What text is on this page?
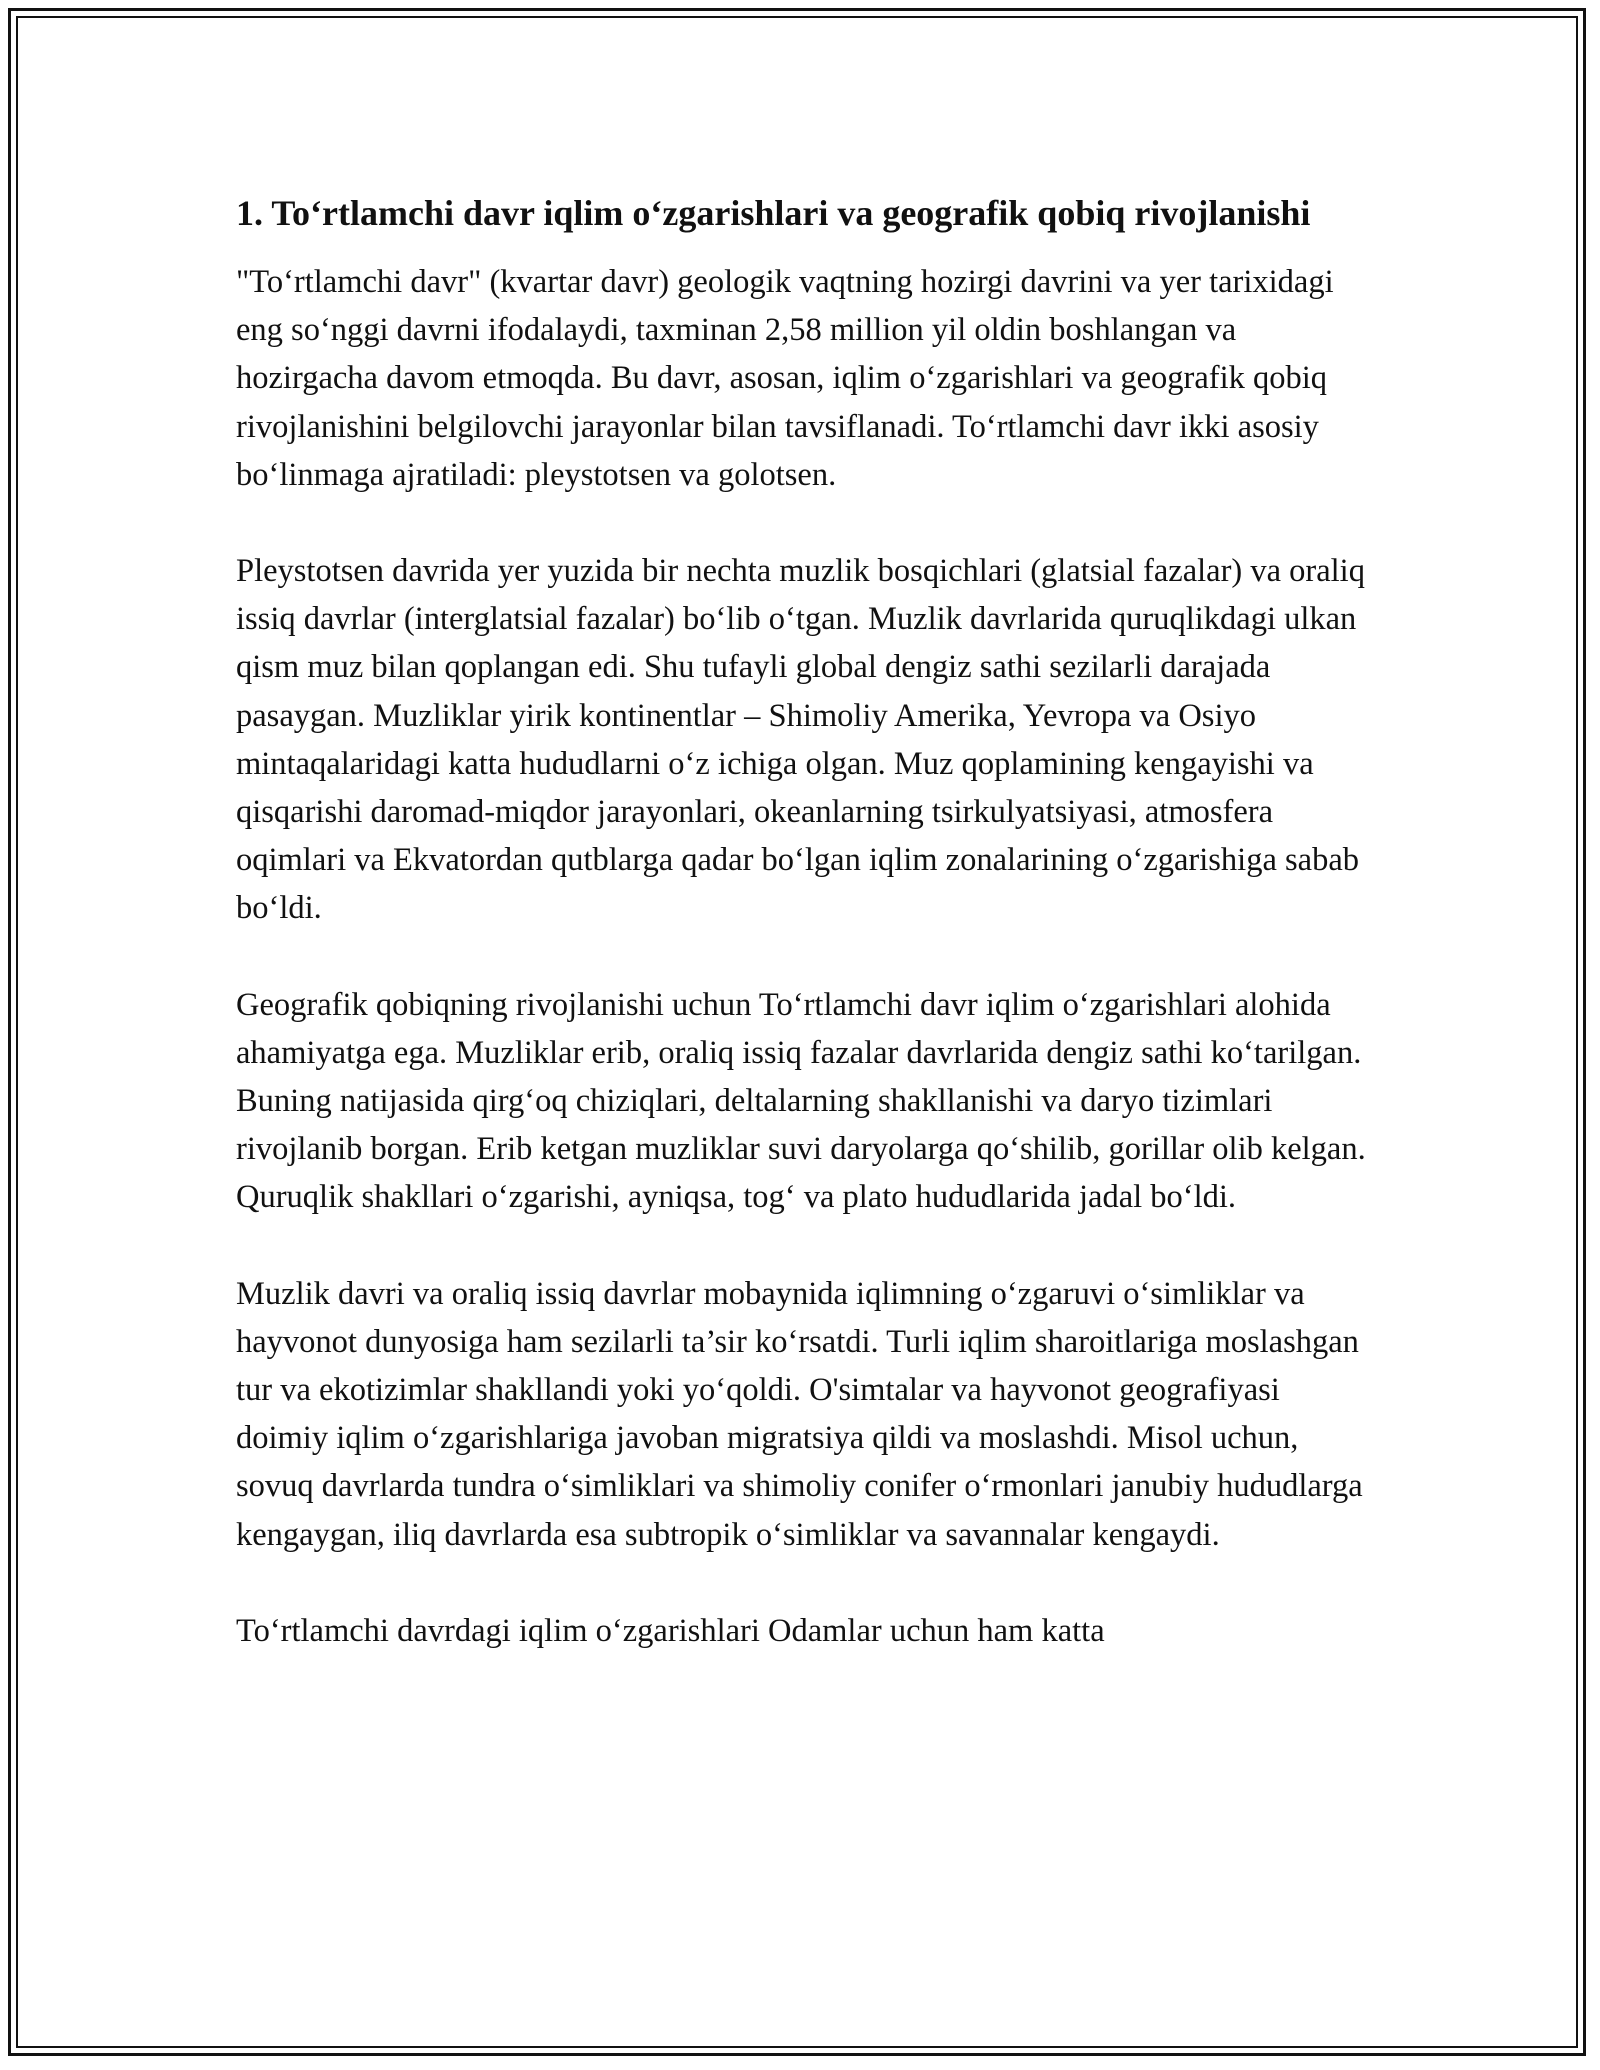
1. To‘rtlamchi davr iqlim o‘zgarishlari va geografik qobiq rivojlanishi

"To‘rtlamchi davr" (kvartar davr) geologik vaqtning hozirgi davrini va yer tarixidagi eng so‘nggi davrni ifodalaydi, taxminan 2,58 million yil oldin boshlangan va hozirgacha davom etmoqda. Bu davr, asosan, iqlim o‘zgarishlari va geografik qobiq rivojlanishini belgilovchi jarayonlar bilan tavsiflanadi. To‘rtlamchi davr ikki asosiy bo‘linmaga ajratiladi: pleystotsen va golotsen.

Pleystotsen davrida yer yuzida bir nechta muzlik bosqichlari (glatsial fazalar) va oraliq issiq davrlar (interglatsial fazalar) bo‘lib o‘tgan. Muzlik davrlarida quruqlikdagi ulkan qism muz bilan qoplangan edi. Shu tufayli global dengiz sathi sezilarli darajada pasaygan. Muzliklar yirik kontinentlar – Shimoliy Amerika, Yevropa va Osiyo mintaqalaridagi katta hududlarni o‘z ichiga olgan. Muz qoplamining kengayishi va qisqarishi daromad-miqdor jarayonlari, okeanlarning tsirkulyatsiyasi, atmosfera oqimlari va Ekvatordan qutblarga qadar bo‘lgan iqlim zonalarining o‘zgarishiga sabab bo‘ldi.

Geografik qobiqning rivojlanishi uchun To‘rtlamchi davr iqlim o‘zgarishlari alohida ahamiyatga ega. Muzliklar erib, oraliq issiq fazalar davrlarida dengiz sathi ko‘tarilgan. Buning natijasida qirg‘oq chiziqlari, deltalarning shakllanishi va daryo tizimlari rivojlanib borgan. Erib ketgan muzliklar suvi daryolarga qo‘shilib, gorillar olib kelgan. Quruqlik shakllari o‘zgarishi, ayniqsa, tog‘ va plato hududlarida jadal bo‘ldi.

Muzlik davri va oraliq issiq davrlar mobaynida iqlimning o‘zgaruvi o‘simliklar va hayvonot dunyosiga ham sezilarli ta’sir ko‘rsatdi. Turli iqlim sharoitlariga moslashgan tur va ekotizimlar shakllandi yoki yo‘qoldi. O'simtalar va hayvonot geografiyasi doimiy iqlim o‘zgarishlariga javoban migratsiya qildi va moslashdi. Misol uchun, sovuq davrlarda tundra o‘simliklari va shimoliy conifer o‘rmonlari janubiy hududlarga kengaygan, iliq davrlarda esa subtropik o‘simliklar va savannalar kengaydi.

To‘rtlamchi davrdagi iqlim o‘zgarishlari Odamlar uchun ham katta
